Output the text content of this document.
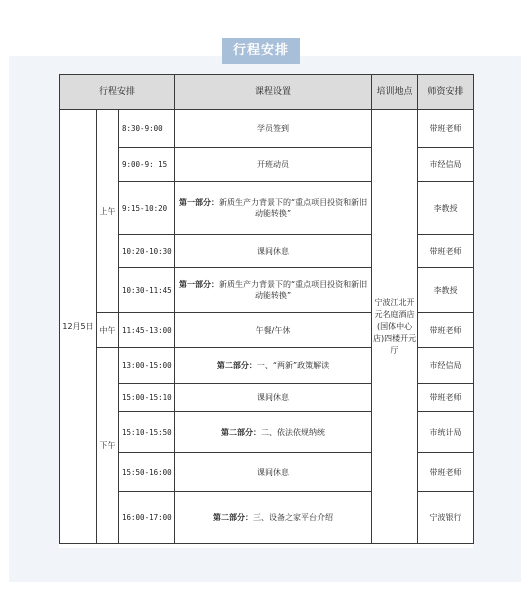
行程安排
行程安排			课程设置	培训地点	师资安排
12月5日	上午	8:30-9:00	学员签到	宁波江北开元名庭酒店(国体中心店)四楼开元厅	带班老师
		9:00-9: 15	开班动员		市经信局
		9:15-10:20	第一部分：新质生产力背景下的“重点项目投资和新旧动能转换”		李教授
		10:20-10:30	课间休息		带班老师
		10:30-11:45	第一部分：新质生产力背景下的“重点项目投资和新旧动能转换”		李教授
	中午	11:45-13:00	午餐/午休		带班老师
	下午	13:00-15:00	第二部分：一、“两新”政策解读		市经信局
		15:00-15:10	课间休息		带班老师
		15:10-15:50	第二部分：二、依法依规纳统		市统计局
		15:50-16:00	课间休息		带班老师
		16:00-17:00	第二部分：三、设备之家平台介绍		宁波银行
